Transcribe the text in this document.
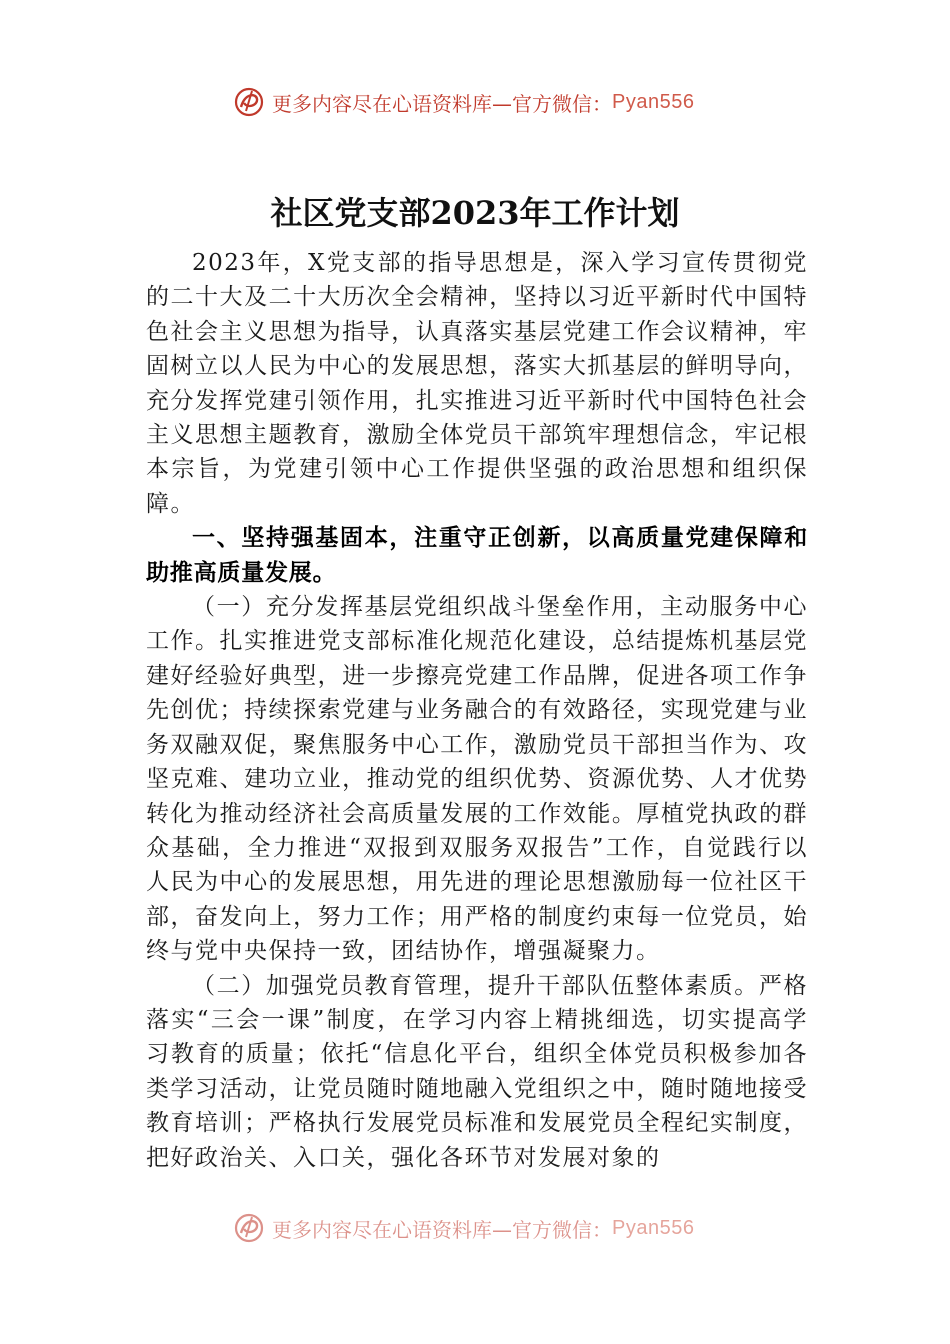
更多内容尽在心语资料库—官方微信： Pyan556
社区党支部2023年工作计划

2023年，X党支部的指导思想是，深入学习宣传贯彻党的二十大及二十大历次全会精神，坚持以习近平新时代中国特色社会主义思想为指导，认真落实基层党建工作会议精神，牢固树立以人民为中心的发展思想，落实大抓基层的鲜明导向，充分发挥党建引领作用，扎实推进习近平新时代中国特色社会主义思想主题教育，激励全体党员干部筑牢理想信念，牢记根本宗旨，为党建引领中心工作提供坚强的政治思想和组织保障。

一、坚持强基固本，注重守正创新，以高质量党建保障和助推高质量发展。

（一）充分发挥基层党组织战斗堡垒作用，主动服务中心工作。扎实推进党支部标准化规范化建设，总结提炼机基层党建好经验好典型，进一步擦亮党建工作品牌，促进各项工作争先创优；持续探索党建与业务融合的有效路径，实现党建与业务双融双促，聚焦服务中心工作，激励党员干部担当作为、攻坚克难、建功立业，推动党的组织优势、资源优势、人才优势转化为推动经济社会高质量发展的工作效能。厚植党执政的群众基础，全力推进“双报到双服务双报告”工作，自觉践行以人民为中心的发展思想，用先进的理论思想激励每一位社区干部，奋发向上，努力工作；用严格的制度约束每一位党员，始终与党中央保持一致，团结协作，增强凝聚力。

（二）加强党员教育管理，提升干部队伍整体素质。严格落实“三会一课”制度，在学习内容上精挑细选，切实提高学习教育的质量；依托“信息化平台，组织全体党员积极参加各类学习活动，让党员随时随地融入党组织之中，随时随地接受教育培训；严格执行发展党员标准和发展党员全程纪实制度，把好政治关、入口关，强化各环节对发展对象的

更多内容尽在心语资料库—官方微信： Pyan556
